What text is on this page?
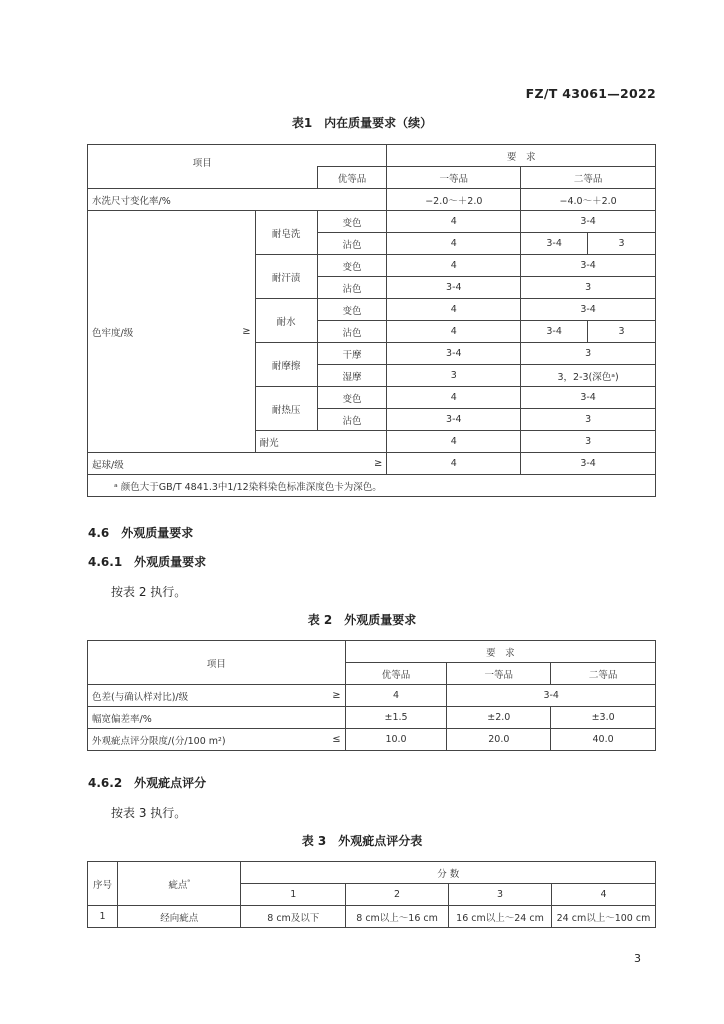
FZ/T 43061—2022
表1　内在质量要求（续）
			要　求		

项目		优等品	一等品	二等品	
水洗尺寸变化率/%			−2.0～＋2.0	−4.0～＋2.0	

色牢度/级 ≥	耐皂洗	变色	4	3-4	
		沾色	4	3-4	3
	耐汗渍	变色	4	3-4	
		沾色	3-4	3	
	耐水	变色	4	3-4	
		沾色	4	3-4	3
	耐摩擦	干摩	3-4	3	
		湿摩	3	3，2-3(深色ᵃ)	
	耐热压	变色	4	3-4	
		沾色	3-4	3	
	耐光		4	3	

起球/级 ≥			4	3-4	
ᵃ 颜色大于GB/T 4841.3中1/12染料染色标准深度色卡为深色。					
4.6　外观质量要求
4.6.1　外观质量要求
按表 2 执行。
表 2　外观质量要求
项目	要　求		
	优等品	一等品	二等品

色差(与确认样对比)/级 ≥	4	3-4	
幅宽偏差率/%	±1.5	±2.0	±3.0

外观疵点评分限度/(分/100 m²) ≤	10.0	20.0	40.0
4.6.2　外观疵点评分
按表 3 执行。
表 3　外观疵点评分表
序号	疵点$^ᵃ$	分 数			
		1	2	3	4
1	经向疵点	8 cm及以下	8 cm以上～16 cm	16 cm以上～24 cm	24 cm以上～100 cm
3
